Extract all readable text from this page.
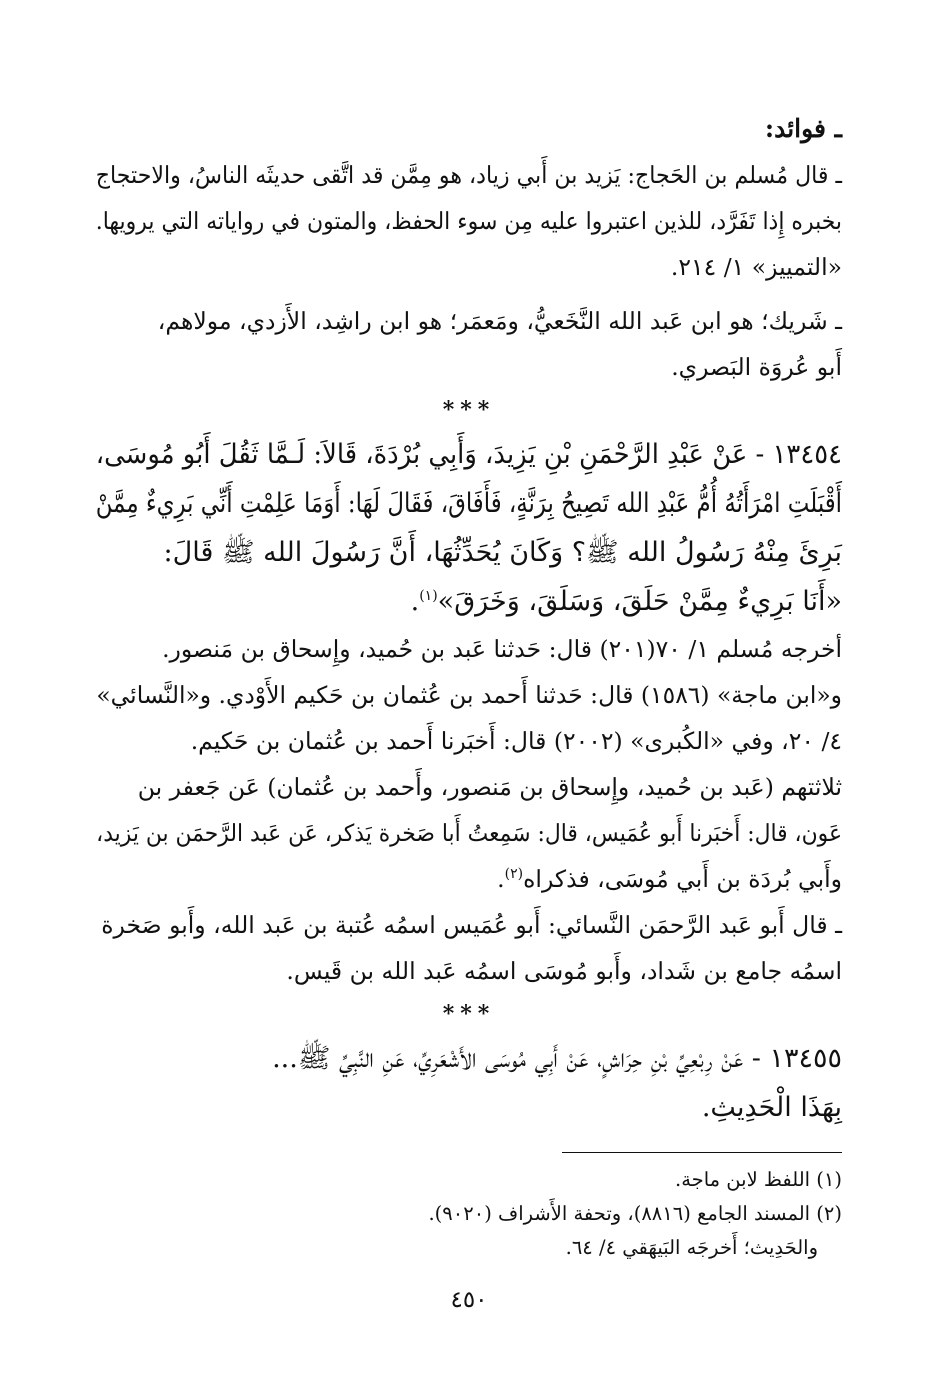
ـ فوائد:
ـ قال مُسلم بن الحَجاج: يَزيد بن أَبي زياد، هو مِمَّن قد اتَّقى حديثَه الناسُ، والاحتجاج
بخبره إِذا تَفَرَّد، للذين اعتبروا عليه مِن سوء الحفظ، والمتون في رواياته التي يرويها.
«التمييز» ١/ ٢١٤.
ـ شَريك؛ هو ابن عَبد الله النَّخَعيُّ، ومَعمَر؛ هو ابن راشِد، الأَزدي، مولاهم،
أَبو عُروَة البَصري.
***
١٣٤٥٤ - عَنْ عَبْدِ الرَّحْمَنِ بْنِ يَزِيدَ، وَأَبِي بُرْدَةَ، قَالاَ: لَـمَّا ثَقُلَ أَبُو مُوسَى،
أَقْبَلَتِ امْرَأَتُهُ أُمُّ عَبْدِ الله تَصِيحُ بِرَنَّةٍ، فَأَفَاقَ، فَقَالَ لَهَا: أَوَمَا عَلِمْتِ أَنِّي بَرِيءٌ مِمَّنْ
بَرِئَ مِنْهُ رَسُولُ الله ﷺ؟ وَكَانَ يُحَدِّثُهَا، أَنَّ رَسُولَ الله ﷺ قَالَ:
«أَنَا بَرِيءٌ مِمَّنْ حَلَقَ، وَسَلَقَ، وَخَرَقَ»$^{(١)}$.
أخرجه مُسلم ١/ ٧٠(٢٠١) قال: حَدثنا عَبد بن حُميد، وإِسحاق بن مَنصور.
و«ابن ماجة» (١٥٨٦) قال: حَدثنا أَحمد بن عُثمان بن حَكيم الأَوْدي. و«النَّسائي»
٤/ ٢٠، وفي «الكُبرى» (٢٠٠٢) قال: أَخبَرنا أَحمد بن عُثمان بن حَكيم.
ثلاثتهم (عَبد بن حُميد، وإِسحاق بن مَنصور، وأَحمد بن عُثمان) عَن جَعفر بن
عَون، قال: أَخبَرنا أَبو عُمَيس، قال: سَمِعتُ أَبا صَخرة يَذكر، عَن عَبد الرَّحمَن بن يَزيد،
وأَبي بُردَة بن أَبي مُوسَى، فذكراه$^{(٢)}$.
ـ قال أَبو عَبد الرَّحمَن النَّسائي: أَبو عُمَيس اسمُه عُتبة بن عَبد الله، وأَبو صَخرة
اسمُه جامع بن شَداد، وأَبو مُوسَى اسمُه عَبد الله بن قَيس.
***
١٣٤٥٥ - عَنْ رِبْعِيِّ بْنِ حِرَاشٍ، عَنْ أَبِي مُوسَى الأَشْعَرِيِّ، عَنِ النَّبِيِّ ﷺ...
بِهَذَا الْحَدِيثِ.
(١) اللفظ لابن ماجة.
(٢) المسند الجامع (٨٨١٦)، وتحفة الأَشراف (٩٠٢٠).
والحَدِيث؛ أَخرجَه البَيهَقي ٤/ ٦٤.
٤٥٠
